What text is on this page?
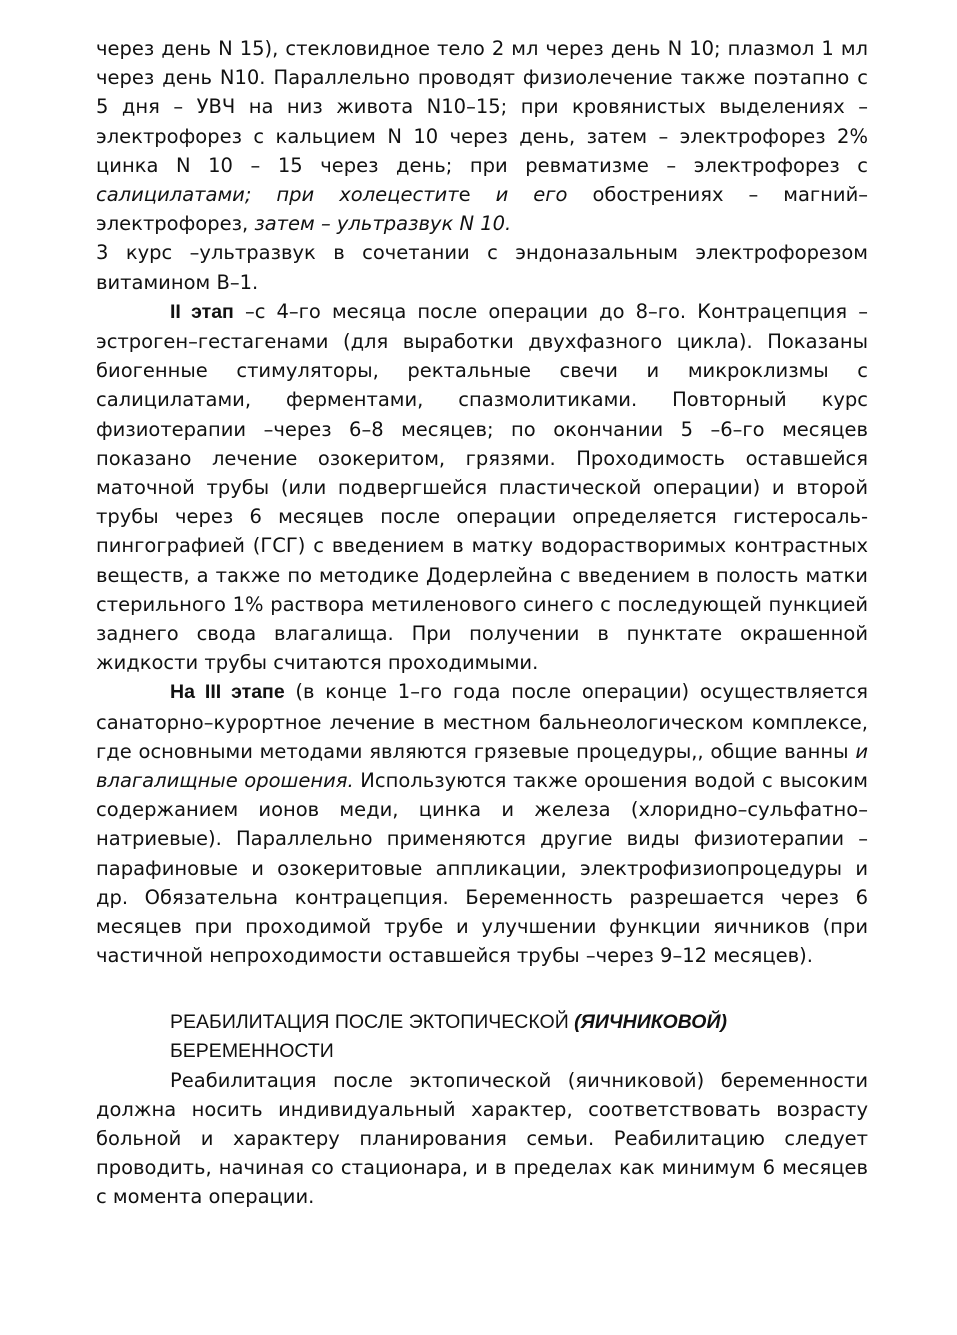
через день N 15), стекловидное тело 2 мл через день N 10; плазмол 1 мл через день N10. Параллельно проводят физиолечение также поэтапно с 5 дня – УВЧ на низ живота N10–15; при кровянистых выделениях – электрофорез с кальцием N 10 через день, затем – электрофорез 2% цинка N 10 – 15 через день; при ревматизме – электрофорез с салицилатами; при холецестите и его обострениях – магний– электрофорез, затем – ультразвук N 10.

3 курс –ультразвук в сочетании с эндоназальным электрофорезом витамином В–1.

II этап –с 4–го месяца после операции до 8–го. Контрацепция – эстроген–гестагенами (для выработки двухфазного цикла). Показаны биогенные стимуляторы, ректальные свечи и микроклизмы с салицилатами, ферментами, спазмолитиками. Повторный курс физиотерапии –через 6–8 месяцев; по окончании 5 –6–го месяцев показано лечение озокеритом, грязями. Проходимость оставшейся маточной трубы (или подвергшейся пластической операции) и второй трубы через 6 месяцев после операции определяется гистеросаль-пингографией (ГСГ) с введением в матку водорастворимых контрастных веществ, а также по методике Додерлейна с введением в полость матки стерильного 1% раствора метиленового синего с последующей пункцией заднего свода влагалища. При получении в пунктате окрашенной жидкости трубы считаются проходимыми.

На III этапе (в конце 1–го года после операции) осуществляется санаторно–курортное лечение в местном бальнеологическом комплексе, где основными методами являются грязевые процедуры,, общие ванны и влагалищные орошения. Используются также орошения водой с высоким содержанием ионов меди, цинка и железа (хлоридно–сульфатно–натриевые). Параллельно применяются другие виды физиотерапии – парафиновые и озокеритовые аппликации, электрофизиопроцедуры и др. Обязательна контрацепция. Беременность разрешается через 6 месяцев при проходимой трубе и улучшении функции яичников (при частичной непроходимости оставшейся трубы –через 9–12 месяцев).

РЕАБИЛИТАЦИЯ ПОСЛЕ ЭКТОПИЧЕСКОЙ (ЯИЧНИКОВОЙ) БЕРЕМЕННОСТИ

Реабилитация после эктопической (яичниковой) беременности должна носить индивидуальный характер, соответствовать возрасту больной и характеру планирования семьи. Реабилитацию следует проводить, начиная со стационара, и в пределах как минимум 6 месяцев с момента операции.
